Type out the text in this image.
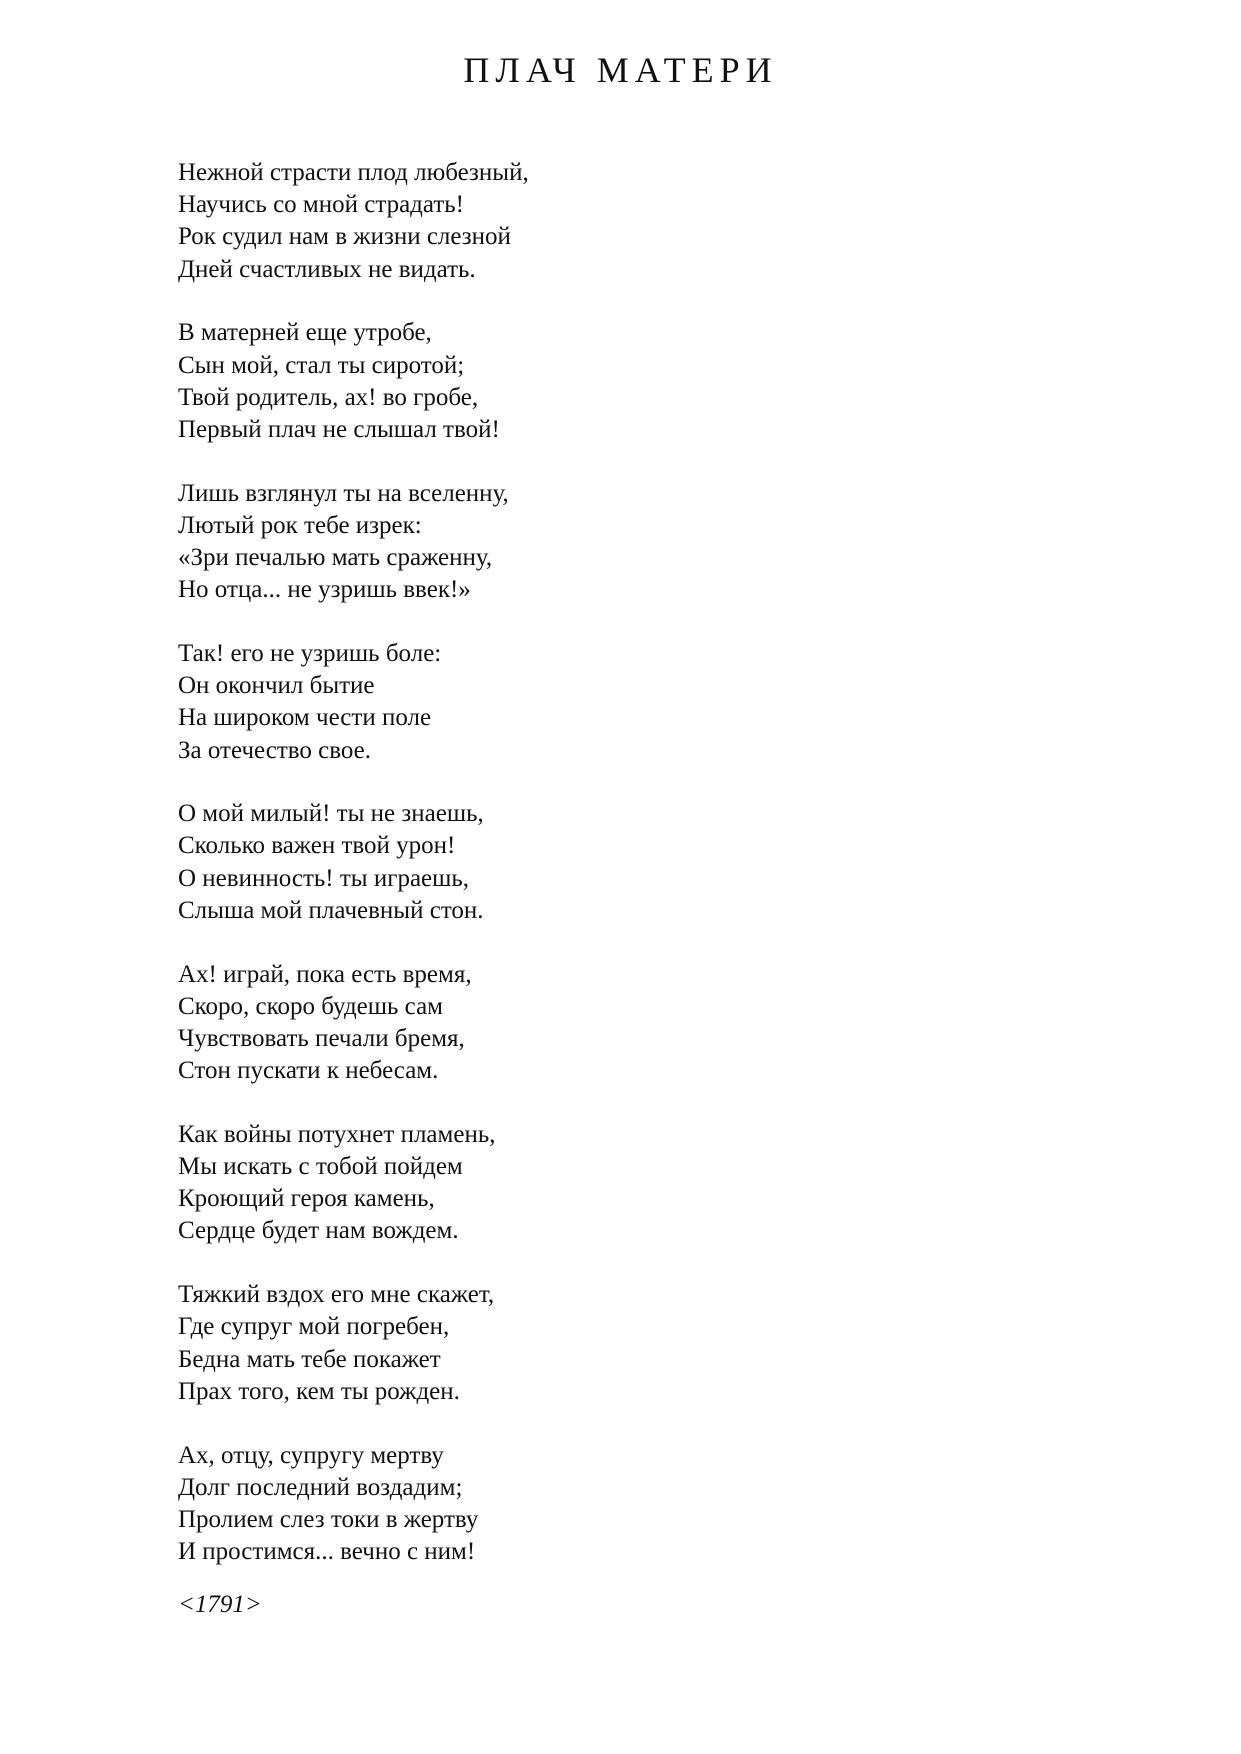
ПЛАЧ МАТЕРИ
Нежной страсти плод любезный,
Научись со мной страдать!
Рок судил нам в жизни слезной
Дней счастливых не видать.
В матерней еще утробе,
Сын мой, стал ты сиротой;
Твой родитель, ах! во гробе,
Первый плач не слышал твой!
Лишь взглянул ты на вселенну,
Лютый рок тебе изрек:
«Зри печалью мать сраженну,
Но отца... не узришь ввек!»
Так! его не узришь боле:
Он окончил бытие
На широком чести поле
За отечество свое.
О мой милый! ты не знаешь,
Сколько важен твой урон!
О невинность! ты играешь,
Слыша мой плачевный стон.
Ах! играй, пока есть время,
Скоро, скоро будешь сам
Чувствовать печали бремя,
Стон пускати к небесам.
Как войны потухнет пламень,
Мы искать с тобой пойдем
Кроющий героя камень,
Сердце будет нам вождем.
Тяжкий вздох его мне скажет,
Где супруг мой погребен,
Бедна мать тебе покажет
Прах того, кем ты рожден.
Ах, отцу, супругу мертву
Долг последний воздадим;
Пролием слез токи в жертву
И простимся... вечно с ним!

<1791>
